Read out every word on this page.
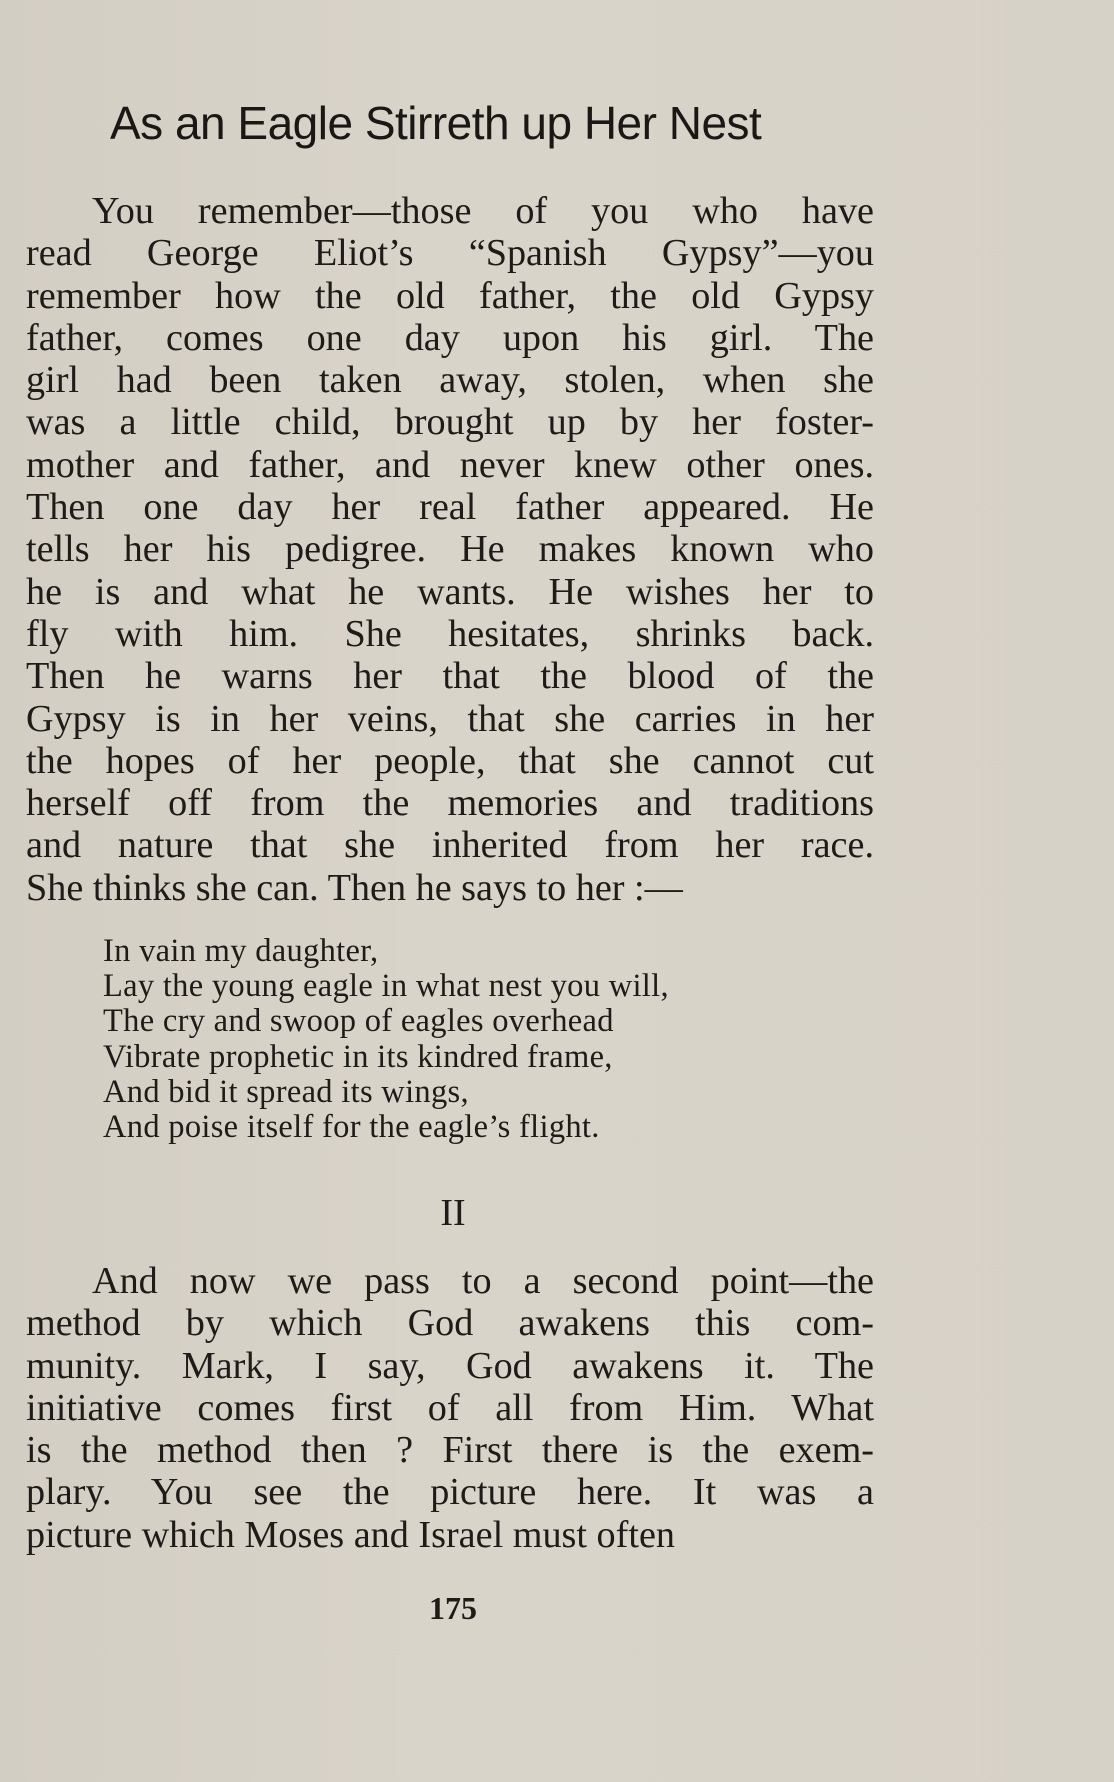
As an Eagle Stirreth up Her Nest
You remember—those of you who have
read George Eliot’s “Spanish Gypsy”—you
remember how the old father, the old Gypsy
father, comes one day upon his girl. The
girl had been taken away, stolen, when she
was a little child, brought up by her foster-
mother and father, and never knew other ones.
Then one day her real father appeared. He
tells her his pedigree. He makes known who
he is and what he wants. He wishes her to
fly with him. She hesitates, shrinks back.
Then he warns her that the blood of the
Gypsy is in her veins, that she carries in her
the hopes of her people, that she cannot cut
herself off from the memories and traditions
and nature that she inherited from her race.
She thinks she can. Then he says to her :—
In vain my daughter,
Lay the young eagle in what nest you will,
The cry and swoop of eagles overhead
Vibrate prophetic in its kindred frame,
And bid it spread its wings,
And poise itself for the eagle’s flight.
II
And now we pass to a second point—the
method by which God awakens this com-
munity. Mark, I say, God awakens it. The
initiative comes first of all from Him. What
is the method then ? First there is the exem-
plary. You see the picture here. It was a
picture which Moses and Israel must often
175
